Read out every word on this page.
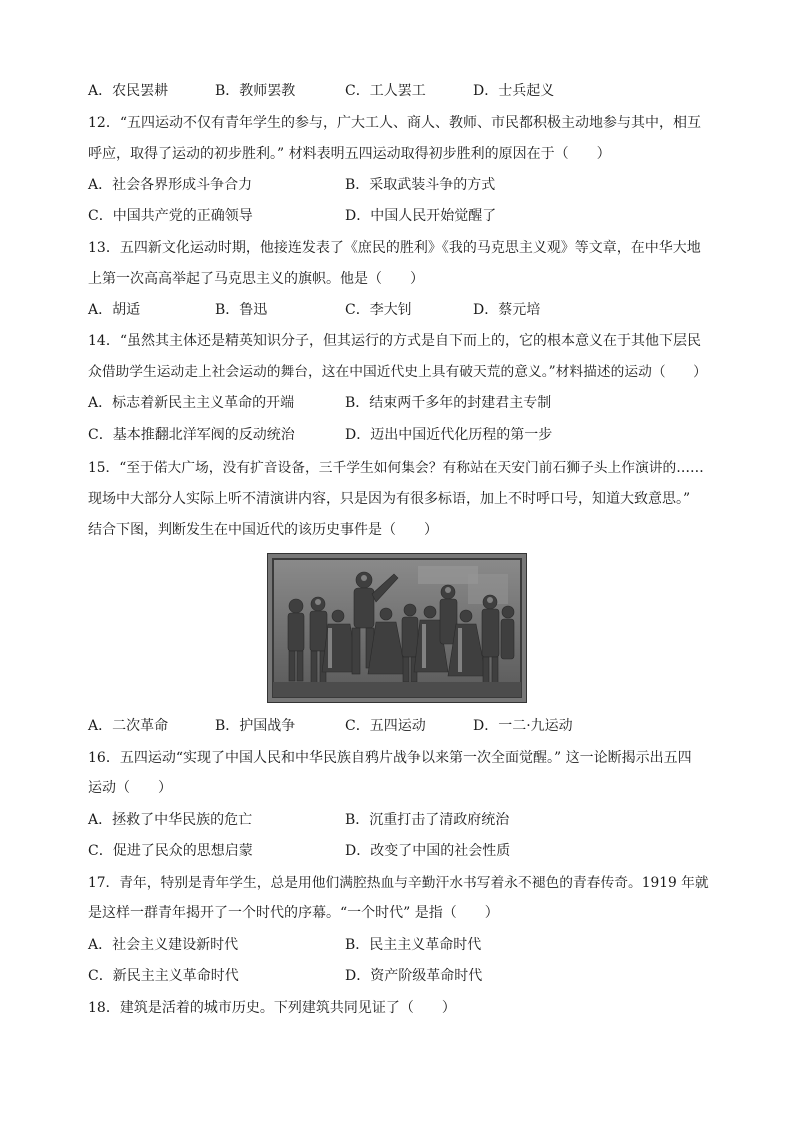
A．农民罢耕	B．教师罢教	C．工人罢工	D．士兵起义
12．“五四运动不仅有青年学生的参与，广大工人、商人、教师、市民都积极主动地参与其中，相互
呼应，取得了运动的初步胜利。” 材料表明五四运动取得初步胜利的原因在于（　　）
A．社会各界形成斗争合力	B．采取武装斗争的方式
C．中国共产党的正确领导	D．中国人民开始觉醒了
13．五四新文化运动时期，他接连发表了《庶民的胜利》《我的马克思主义观》等文章，在中华大地
上第一次高高举起了马克思主义的旗帜。他是（　　）
A．胡适	B．鲁迅	C．李大钊	D．蔡元培
14．“虽然其主体还是精英知识分子，但其运行的方式是自下而上的，它的根本意义在于其他下层民
众借助学生运动走上社会运动的舞台，这在中国近代史上具有破天荒的意义。”材料描述的运动（　　）
A．标志着新民主主义革命的开端	B．结束两千多年的封建君主专制
C．基本推翻北洋军阀的反动统治	D．迈出中国近代化历程的第一步
15．“至于偌大广场，没有扩音设备，三千学生如何集会？有称站在天安门前石狮子头上作演讲的……
现场中大部分人实际上听不清演讲内容，只是因为有很多标语，加上不时呼口号，知道大致意思。”
结合下图，判断发生在中国近代的该历史事件是（　　）
A．二次革命	B．护国战争	C．五四运动	D．一二·九运动
16．五四运动“实现了中国人民和中华民族自鸦片战争以来第一次全面觉醒。” 这一论断揭示出五四
运动（　　）
A．拯救了中华民族的危亡	B．沉重打击了清政府统治
C．促进了民众的思想启蒙	D．改变了中国的社会性质
17．青年，特别是青年学生，总是用他们满腔热血与辛勤汗水书写着永不褪色的青春传奇。1919 年就
是这样一群青年揭开了一个时代的序幕。“一个时代” 是指（　　）
A．社会主义建设新时代	B．民主主义革命时代
C．新民主主义革命时代	D．资产阶级革命时代
18．建筑是活着的城市历史。下列建筑共同见证了（　　）
